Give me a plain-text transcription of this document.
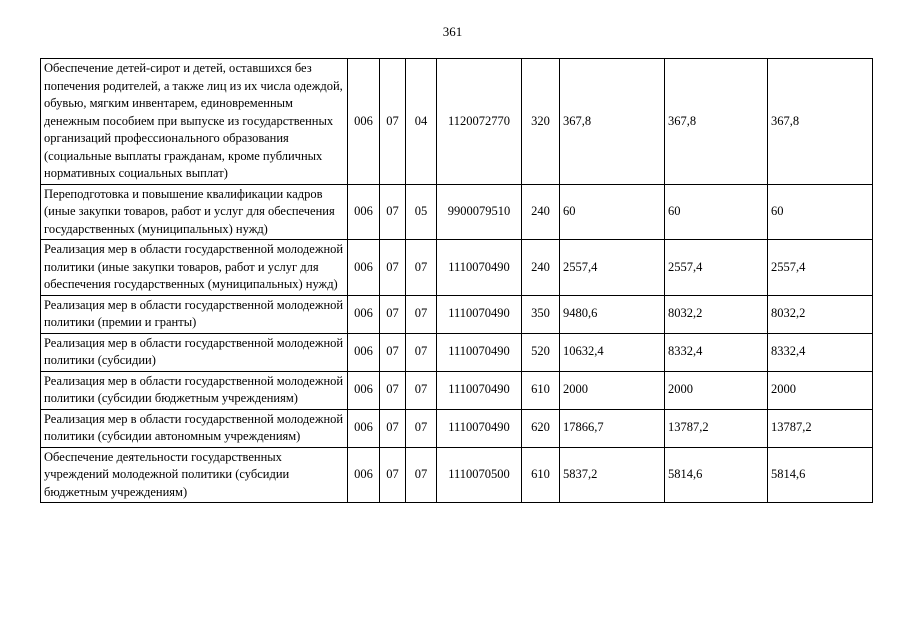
361
Обеспечение детей-сирот и детей, оставшихся без попечения родителей, а также лиц из их числа одеждой, обувью, мягким инвентарем, единовременным денежным пособием при выпуске из государственных организаций профессионального образования (социальные выплаты гражданам, кроме публичных нормативных социальных выплат)	006	07	04	1120072770	320	367,8	367,8	367,8
Переподготовка и повышение квалификации кадров (иные закупки товаров, работ и услуг для обеспечения государственных (муниципальных) нужд)	006	07	05	9900079510	240	60	60	60
Реализация мер в области государственной молодежной политики (иные закупки товаров, работ и услуг для обеспечения государственных (муниципальных) нужд)	006	07	07	1110070490	240	2557,4	2557,4	2557,4
Реализация мер в области государственной молодежной политики (премии и гранты)	006	07	07	1110070490	350	9480,6	8032,2	8032,2
Реализация мер в области государственной молодежной политики (субсидии)	006	07	07	1110070490	520	10632,4	8332,4	8332,4
Реализация мер в области государственной молодежной политики (субсидии бюджетным учреждениям)	006	07	07	1110070490	610	2000	2000	2000
Реализация мер в области государственной молодежной политики (субсидии автономным учреждениям)	006	07	07	1110070490	620	17866,7	13787,2	13787,2
Обеспечение деятельности государственных учреждений молодежной политики (субсидии бюджетным учреждениям)	006	07	07	1110070500	610	5837,2	5814,6	5814,6
